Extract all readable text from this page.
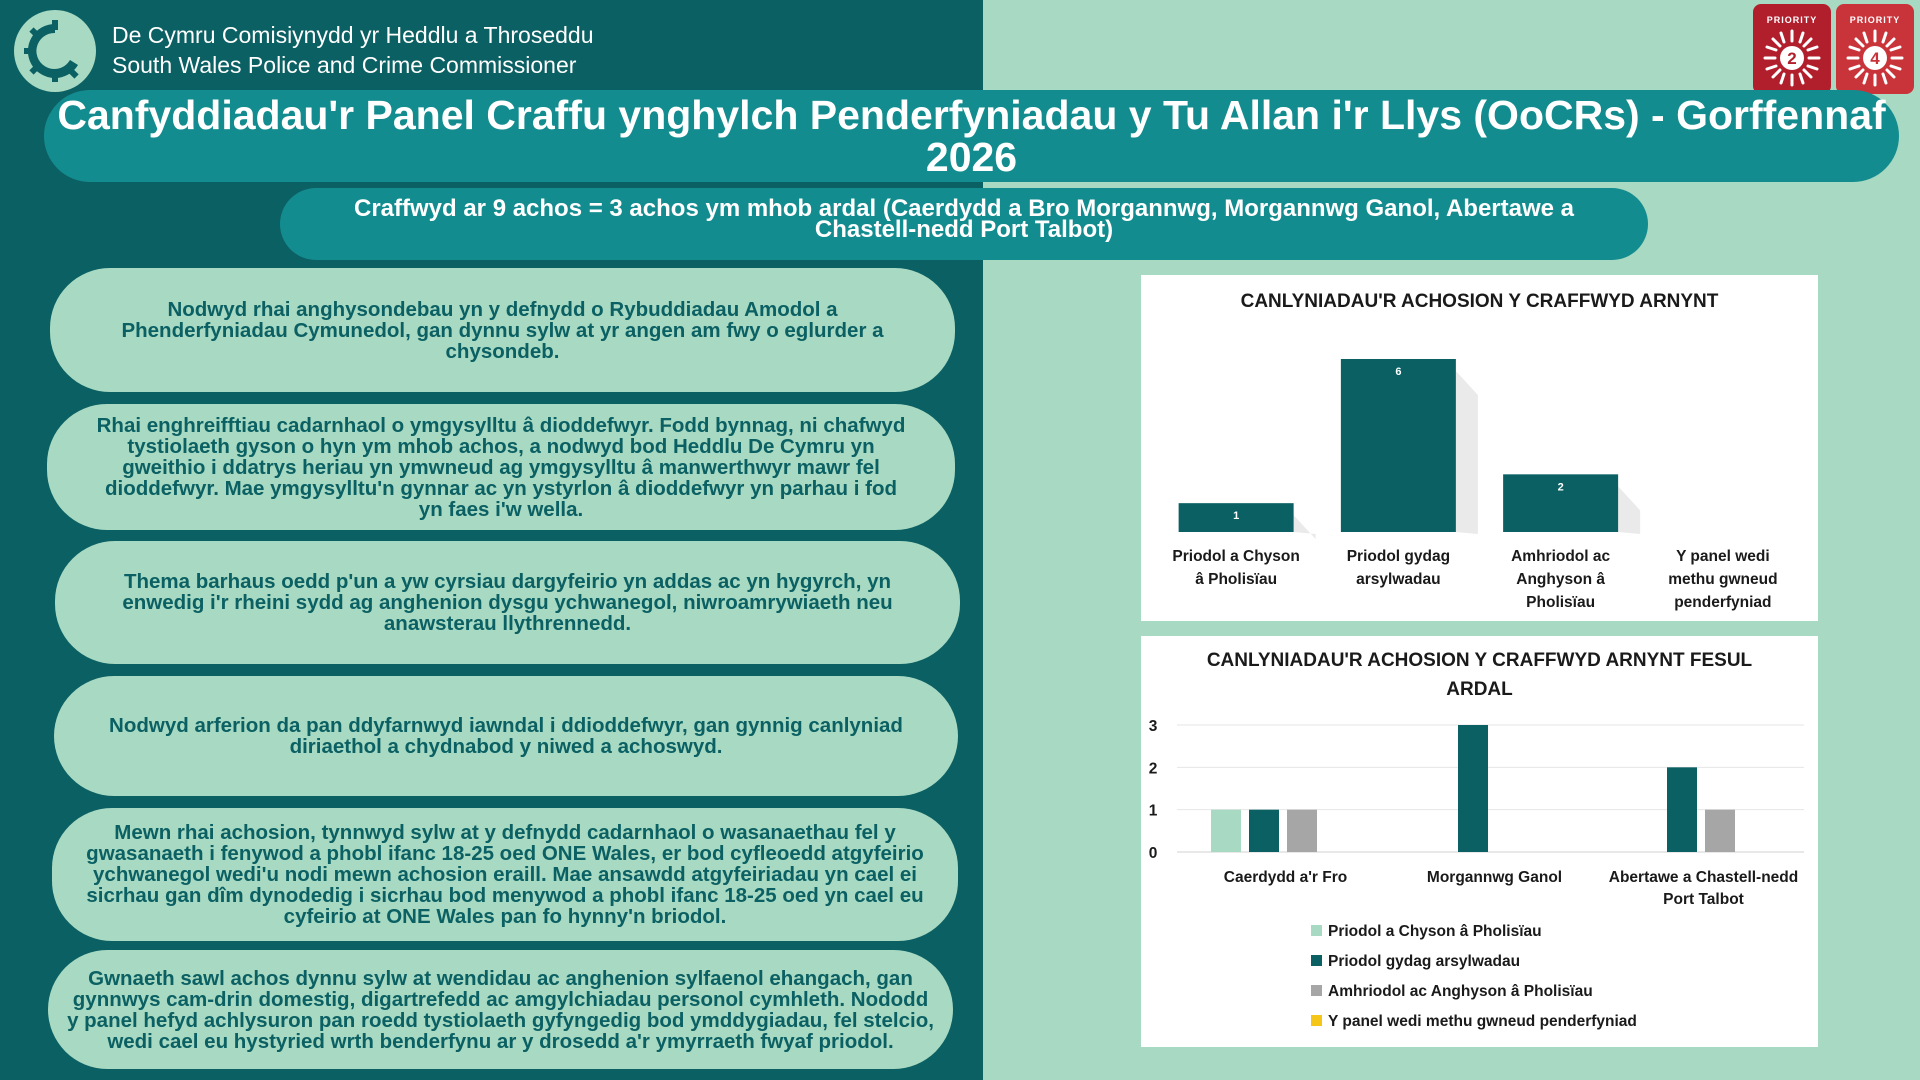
De Cymru Comisiynydd yr Heddlu a Throseddu
South Wales Police and Crime Commissioner
PRIORITY
2
PRIORITY
4
Canfyddiadau'r Panel Craffu ynghylch Penderfyniadau y Tu Allan i'r Llys (OoCRs) - Gorffennaf 2026
Craffwyd ar 9 achos = 3 achos ym mhob ardal (Caerdydd a Bro Morgannwg, Morgannwg Ganol, Abertawe a Chastell-nedd Port Talbot)
Nodwyd rhai anghysondebau yn y defnydd o Rybuddiadau Amodol a Phenderfyniadau Cymunedol, gan dynnu sylw at yr angen am fwy o eglurder a chysondeb.
Rhai enghreifftiau cadarnhaol o ymgysylltu â dioddefwyr. Fodd bynnag, ni chafwyd tystiolaeth gyson o hyn ym mhob achos, a nodwyd bod Heddlu De Cymru yn gweithio i ddatrys heriau yn ymwneud ag ymgysylltu â manwerthwyr mawr fel dioddefwyr. Mae ymgysylltu'n gynnar ac yn ystyrlon â dioddefwyr yn parhau i fod yn faes i'w wella.
Thema barhaus oedd p'un a yw cyrsiau dargyfeirio yn addas ac yn hygyrch, yn enwedig i'r rheini sydd ag anghenion dysgu ychwanegol, niwroamrywiaeth neu anawsterau llythrennedd.
Nodwyd arferion da pan ddyfarnwyd iawndal i ddioddefwyr, gan gynnig canlyniad diriaethol a chydnabod y niwed a achoswyd.
Mewn rhai achosion, tynnwyd sylw at y defnydd cadarnhaol o wasanaethau fel y gwasanaeth i fenywod a phobl ifanc 18-25 oed ONE Wales, er bod cyfleoedd atgyfeirio ychwanegol wedi'u nodi mewn achosion eraill. Mae ansawdd atgyfeiriadau yn cael ei sicrhau gan dîm dynodedig i sicrhau bod menywod a phobl ifanc 18-25 oed yn cael eu cyfeirio at ONE Wales pan fo hynny'n briodol.
Gwnaeth sawl achos dynnu sylw at wendidau ac anghenion sylfaenol ehangach, gan gynnwys cam-drin domestig, digartrefedd ac amgylchiadau personol cymhleth. Nododd y panel hefyd achlysuron pan roedd tystiolaeth gyfyngedig bod ymddygiadau, fel stelcio, wedi cael eu hystyried wrth benderfynu ar y drosedd a'r ymyrraeth fwyaf priodol.
CANLYNIADAU'R ACHOSION Y CRAFFWYD ARNYNT
1
Priodol a Chyson â Pholisïau
6
Priodol gydag arsylwadau
2
Amhriodol ac Anghyson â Pholisïau
Y panel wedi methu gwneud penderfyniad
CANLYNIADAU'R ACHOSION Y CRAFFWYD ARNYNT FESUL ARDAL
0
1
2
3
Caerdydd a'r Fro	Morgannwg Ganol	Abertawe a Chastell-nedd Port Talbot
Priodol a Chyson â Pholisïau
Priodol gydag arsylwadau
Amhriodol ac Anghyson â Pholisïau
Y panel wedi methu gwneud penderfyniad
